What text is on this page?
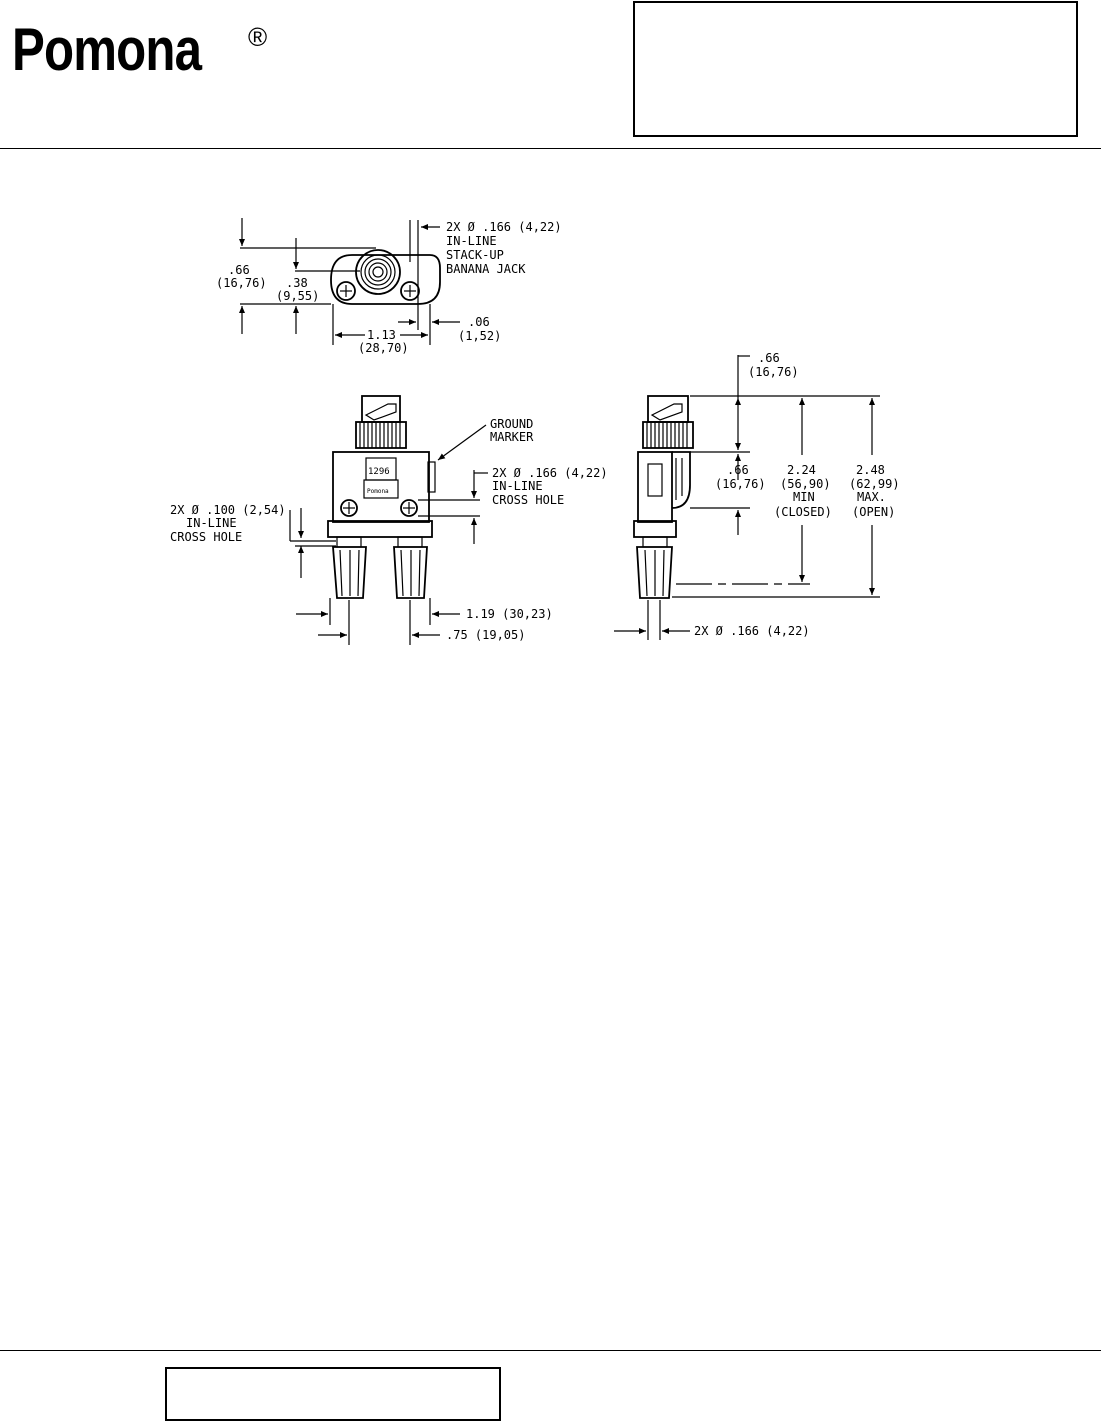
Pomona ®
2X Ø .166 (4,22)
IN-LINE
STACK-UP
BANANA JACK
.66
(16,76) .38
(9,55)
1.13
(28,70)
.06
(1,52)
1296
Pomona
GROUND
MARKER
2X Ø .166 (4,22)
IN-LINE
CROSS HOLE
2X Ø .100 (2,54)
IN-LINE
CROSS HOLE
1.19 (30,23)
.75 (19,05)
.66
(16,76)
.66
(16,76)
2.24
(56,90)
MIN
(CLOSED)
2.48
(62,99)
MAX.
(OPEN)
2X Ø .166 (4,22)
